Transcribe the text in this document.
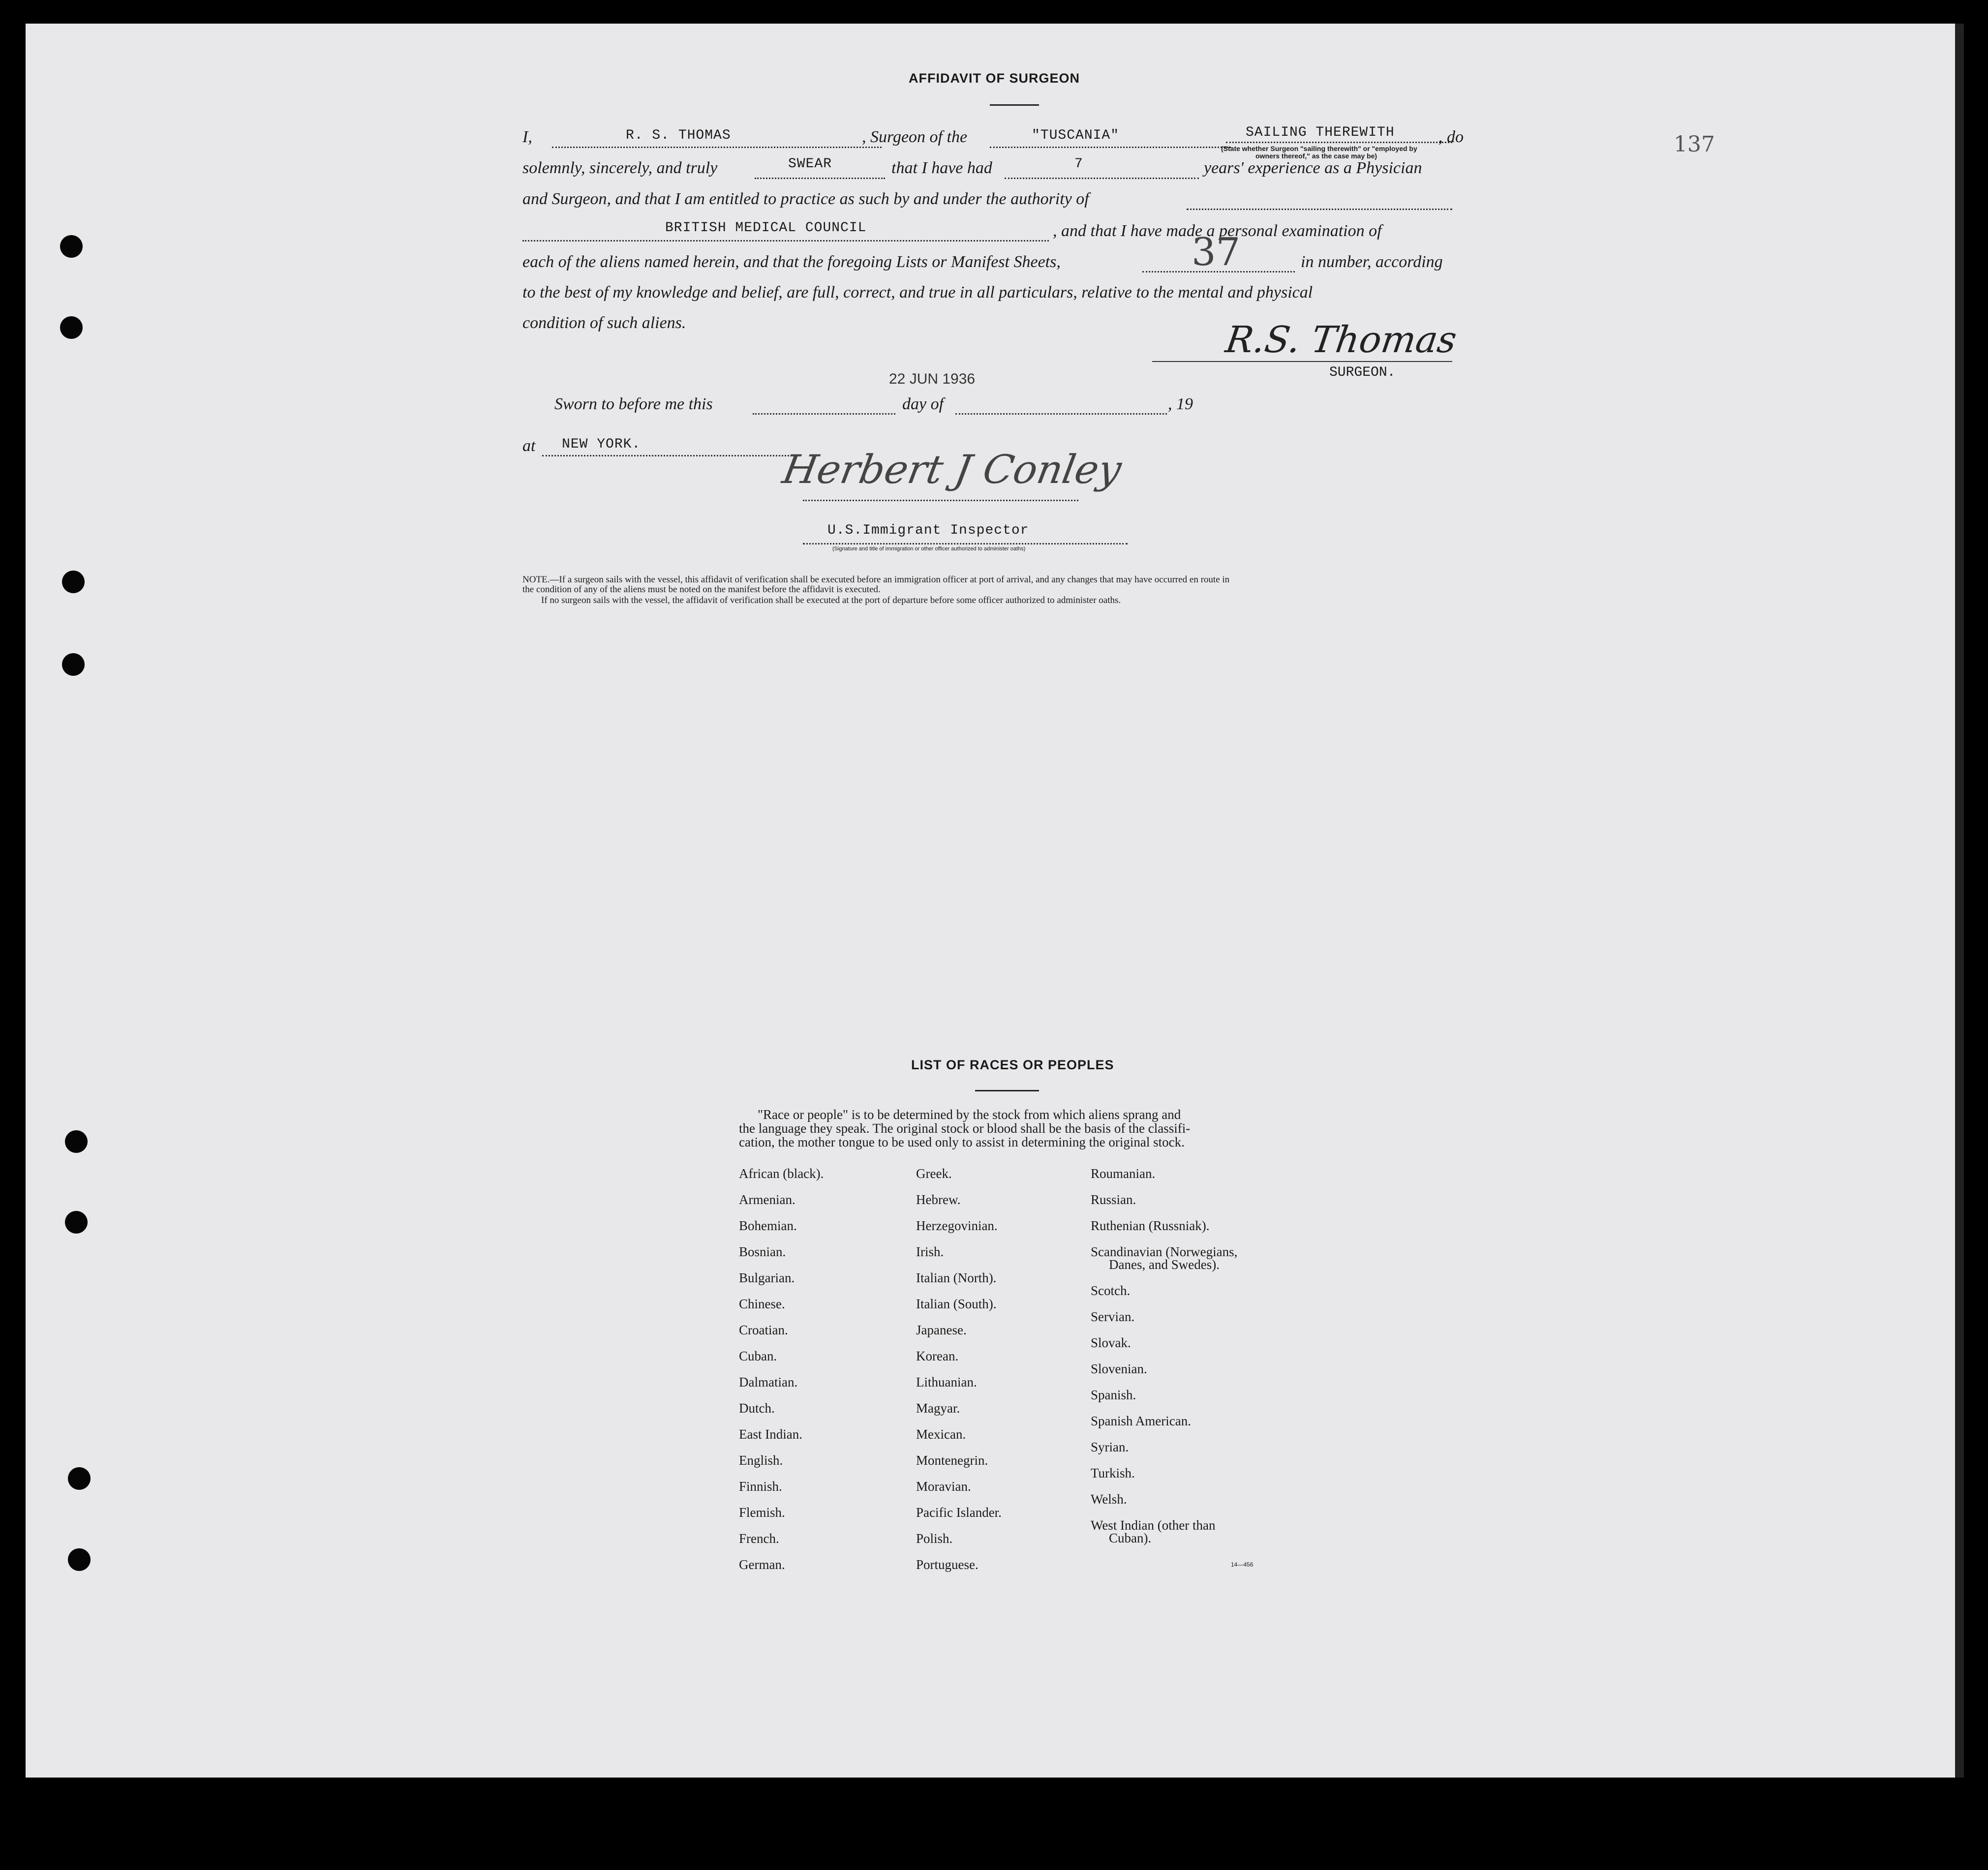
137
AFFIDAVIT OF SURGEON
I,	R. S. THOMAS	, Surgeon of the	"TUSCANIA"	SAILING THEREWITH	, do
(State whether Surgeon "sailing therewith" or "employed by
owners thereof," as the case may be)
solemnly, sincerely, and truly	SWEAR	that I have had	7	years' experience as a Physician
and Surgeon, and that I am entitled to practice as such by and under the authority of
BRITISH MEDICAL COUNCIL	, and that I have made a personal examination of
each of the aliens named herein, and that the foregoing Lists or Manifest Sheets,	37	in number, according
to the best of my knowledge and belief, are full, correct, and true in all particulars, relative to the mental and physical
condition of such aliens.	R.S. Thomas
SURGEON.
22 JUN 1936
Sworn to before me this	day of	, 19
at NEW YORK.
Herbert J Conley
U.S.Immigrant Inspector
(Signature and title of immigration or other officer authorized to administer oaths)
NOTE.—If a surgeon sails with the vessel, this affidavit of verification shall be executed before an immigration officer at port of arrival, and any changes that may have occurred en route in
the condition of any of the aliens must be noted on the manifest before the affidavit is executed.
If no surgeon sails with the vessel, the affidavit of verification shall be executed at the port of departure before some officer authorized to administer oaths.
LIST OF RACES OR PEOPLES
"Race or people" is to be determined by the stock from which aliens sprang and
the language they speak. The original stock or blood shall be the basis of the classifi-
cation, the mother tongue to be used only to assist in determining the original stock.
African (black).
Armenian.
Bohemian.
Bosnian.
Bulgarian.
Chinese.
Croatian.
Cuban.
Dalmatian.
Dutch.
East Indian.
English.
Finnish.
Flemish.
French.
German.
Greek.
Hebrew.
Herzegovinian.
Irish.
Italian (North).
Italian (South).
Japanese.
Korean.
Lithuanian.
Magyar.
Mexican.
Montenegrin.
Moravian.
Pacific Islander.
Polish.
Portuguese.
Roumanian.
Russian.
Ruthenian (Russniak).
Scandinavian (Norwegians,
Danes, and Swedes).
Scotch.
Servian.
Slovak.
Slovenian.
Spanish.
Spanish American.
Syrian.
Turkish.
Welsh.
West Indian (other than
Cuban).
14—456
